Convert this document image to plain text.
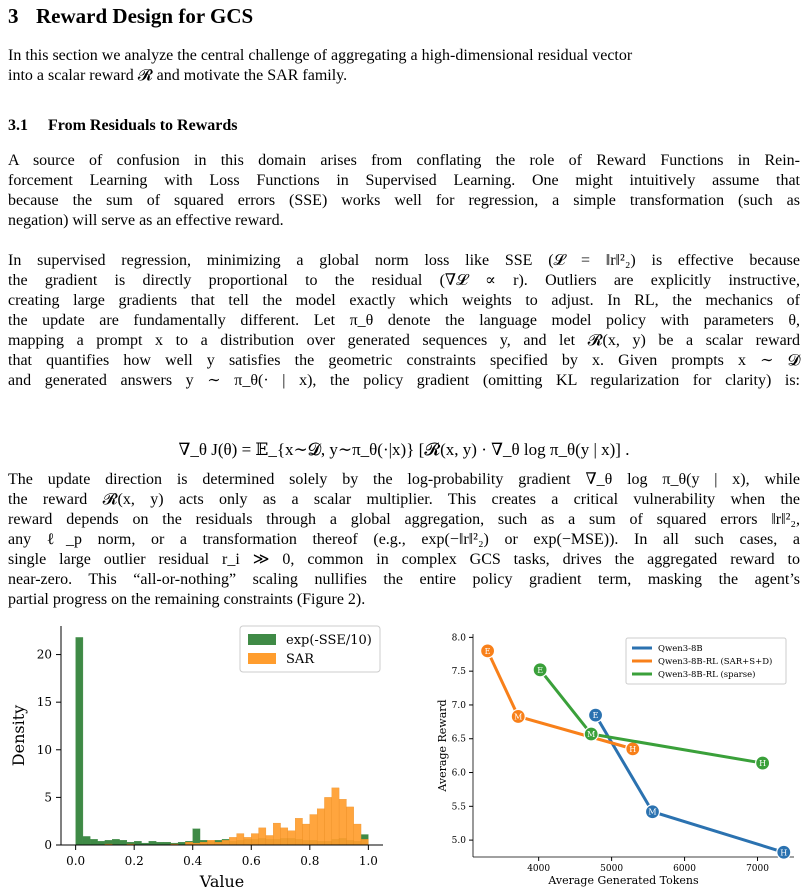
3 Reward Design for GCS
In this section we analyze the central challenge of aggregating a high-dimensional residual vector
into a scalar reward 𝓡 and motivate the SAR family.
3.1 From Residuals to Rewards
A source of confusion in this domain arises from conflating the role of Reward Functions in Rein-
forcement Learning with Loss Functions in Supervised Learning. One might intuitively assume that
because the sum of squared errors (SSE) works well for regression, a simple transformation (such as
negation) will serve as an effective reward.
In supervised regression, minimizing a global norm loss like SSE (𝓛 = ‖r‖²₂) is effective because
the gradient is directly proportional to the residual (∇𝓛 ∝ r). Outliers are explicitly instructive,
creating large gradients that tell the model exactly which weights to adjust. In RL, the mechanics of
the update are fundamentally different. Let π_θ denote the language model policy with parameters θ,
mapping a prompt x to a distribution over generated sequences y, and let 𝓡(x, y) be a scalar reward
that quantifies how well y satisfies the geometric constraints specified by x. Given prompts x ∼ 𝓓
and generated answers y ∼ π_θ(· | x), the policy gradient (omitting KL regularization for clarity) is:
∇_θ J(θ) = 𝔼_{x∼𝓓, y∼π_θ(·|x)} [𝓡(x, y) · ∇_θ log π_θ(y | x)] .
The update direction is determined solely by the log-probability gradient ∇_θ log π_θ(y | x), while
the reward 𝓡(x, y) acts only as a scalar multiplier. This creates a critical vulnerability when the
reward depends on the residuals through a global aggregation, such as a sum of squared errors ‖r‖²₂,
any ℓ_p norm, or a transformation thereof (e.g., exp(−‖r‖²₂) or exp(−MSE)). In all such cases, a
single large outlier residual r_i ≫ 0, common in complex GCS tasks, drives the aggregated reward to
near-zero. This “all-or-nothing” scaling nullifies the entire policy gradient term, masking the agent’s
partial progress on the remaining constraints (Figure 2).
0.0	0.2	0.4	0.6	0.8	1.0
0
5
10
15
20
Value
Density
exp(-SSE/10)
SAR
4000	5000	6000	7000
5.0
5.5
6.0
6.5
7.0
7.5
8.0
Average Generated Tokens
Average Reward	E
M
H
E
M
H
E
M
H
Qwen3-8B
Qwen3-8B-RL (SAR+S+D)
Qwen3-8B-RL (sparse)
